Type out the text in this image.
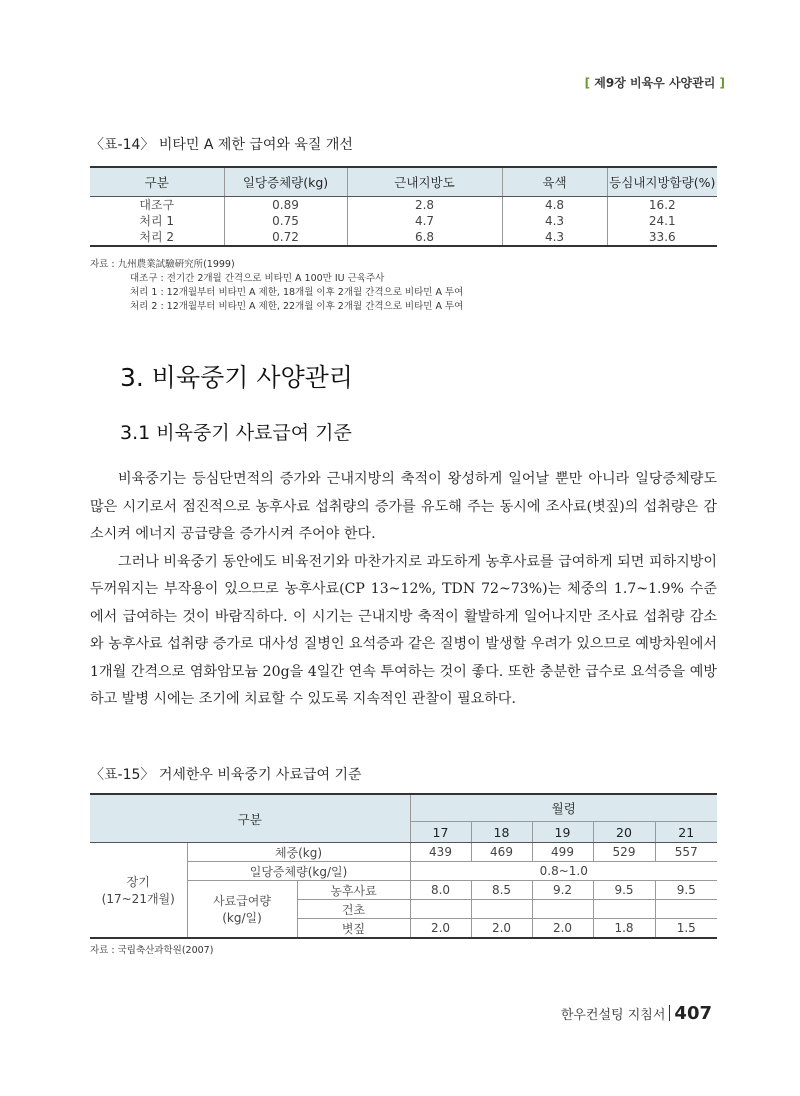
[ 제9장 비육우 사양관리 ]
〈표-14〉 비타민 A 제한 급여와 육질 개선
구분	일당증체량(kg)	근내지방도	육색	등심내지방함량(%)
대조구	0.89	2.8	4.8	16.2
처리 1	0.75	4.7	4.3	24.1
처리 2	0.72	6.8	4.3	33.6
자료 : 九州農業試驗硏究所(1999)
대조구 : 전기간 2개월 간격으로 비타민 A 100만 IU 근육주사
처리 1 : 12개월부터 비타민 A 제한, 18개월 이후 2개월 간격으로 비타민 A 투여
처리 2 : 12개월부터 비타민 A 제한, 22개월 이후 2개월 간격으로 비타민 A 투여
3. 비육중기 사양관리
3.1 비육중기 사료급여 기준

비육중기는 등심단면적의 증가와 근내지방의 축적이 왕성하게 일어날 뿐만 아니라 일당증체량도 많은 시기로서 점진적으로 농후사료 섭취량의 증가를 유도해 주는 동시에 조사료(볏짚)의 섭취량은 감소시켜 에너지 공급량을 증가시켜 주어야 한다.

그러나 비육중기 동안에도 비육전기와 마찬가지로 과도하게 농후사료를 급여하게 되면 피하지방이 두꺼워지는 부작용이 있으므로 농후사료(CP 13~12%, TDN 72~73%)는 체중의 1.7~1.9% 수준에서 급여하는 것이 바람직하다. 이 시기는 근내지방 축적이 활발하게 일어나지만 조사료 섭취량 감소와 농후사료 섭취량 증가로 대사성 질병인 요석증과 같은 질병이 발생할 우려가 있으므로 예방차원에서 1개월 간격으로 염화암모늄 20g을 4일간 연속 투여하는 것이 좋다. 또한 충분한 급수로 요석증을 예방하고 발병 시에는 조기에 치료할 수 있도록 지속적인 관찰이 필요하다.

〈표-15〉 거세한우 비육중기 사료급여 기준
구분			월령				
			17	18	19	20	21

장기
(17~21개월)	체중(kg)		439	469	499	529	557
	일당증체량(kg/일)		0.8~1.0				

	사료급여량
(kg/일)	농후사료	8.0	8.5	9.2	9.5	9.5
		건초					
		볏짚	2.0	2.0	2.0	1.8	1.5
자료 : 국립축산과학원(2007)
한우컨설팅 지침서 407
